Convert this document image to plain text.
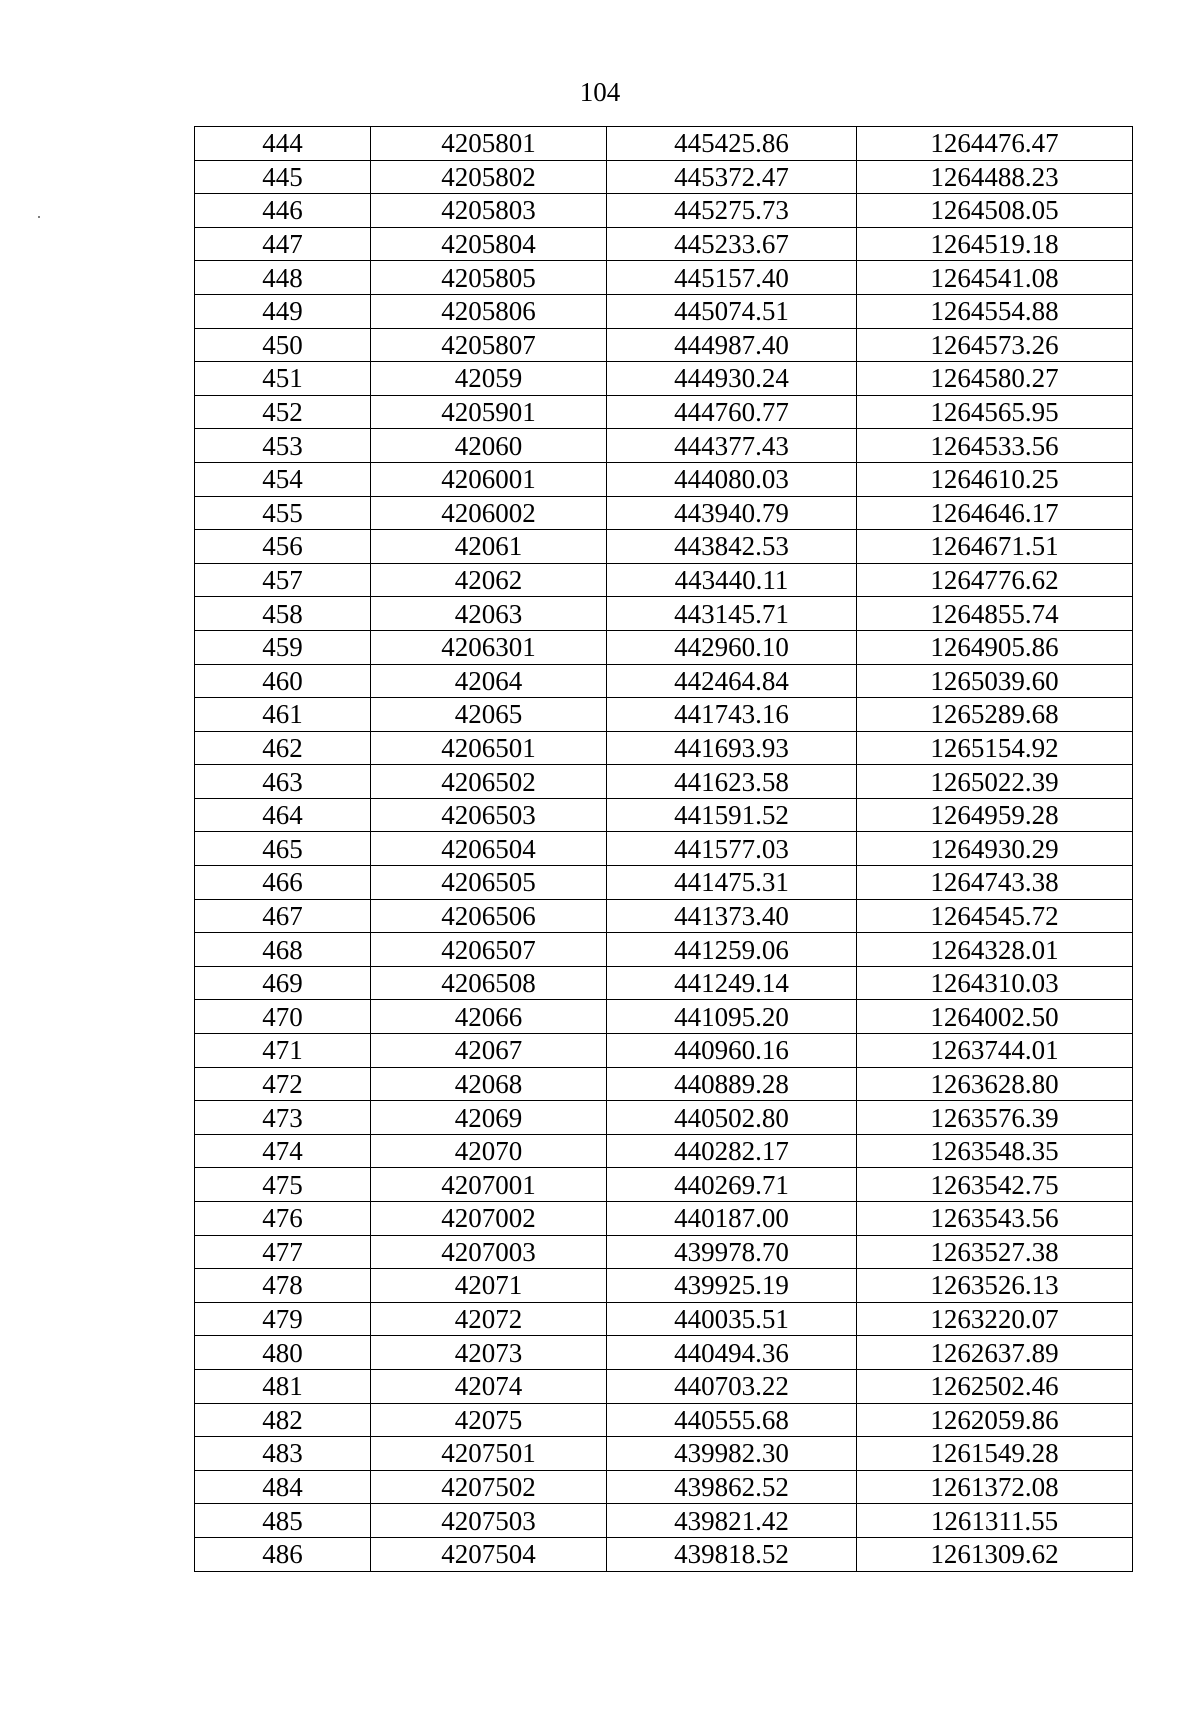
104
444	4205801	445425.86	1264476.47
445	4205802	445372.47	1264488.23
446	4205803	445275.73	1264508.05
447	4205804	445233.67	1264519.18
448	4205805	445157.40	1264541.08
449	4205806	445074.51	1264554.88
450	4205807	444987.40	1264573.26
451	42059	444930.24	1264580.27
452	4205901	444760.77	1264565.95
453	42060	444377.43	1264533.56
454	4206001	444080.03	1264610.25
455	4206002	443940.79	1264646.17
456	42061	443842.53	1264671.51
457	42062	443440.11	1264776.62
458	42063	443145.71	1264855.74
459	4206301	442960.10	1264905.86
460	42064	442464.84	1265039.60
461	42065	441743.16	1265289.68
462	4206501	441693.93	1265154.92
463	4206502	441623.58	1265022.39
464	4206503	441591.52	1264959.28
465	4206504	441577.03	1264930.29
466	4206505	441475.31	1264743.38
467	4206506	441373.40	1264545.72
468	4206507	441259.06	1264328.01
469	4206508	441249.14	1264310.03
470	42066	441095.20	1264002.50
471	42067	440960.16	1263744.01
472	42068	440889.28	1263628.80
473	42069	440502.80	1263576.39
474	42070	440282.17	1263548.35
475	4207001	440269.71	1263542.75
476	4207002	440187.00	1263543.56
477	4207003	439978.70	1263527.38
478	42071	439925.19	1263526.13
479	42072	440035.51	1263220.07
480	42073	440494.36	1262637.89
481	42074	440703.22	1262502.46
482	42075	440555.68	1262059.86
483	4207501	439982.30	1261549.28
484	4207502	439862.52	1261372.08
485	4207503	439821.42	1261311.55
486	4207504	439818.52	1261309.62
